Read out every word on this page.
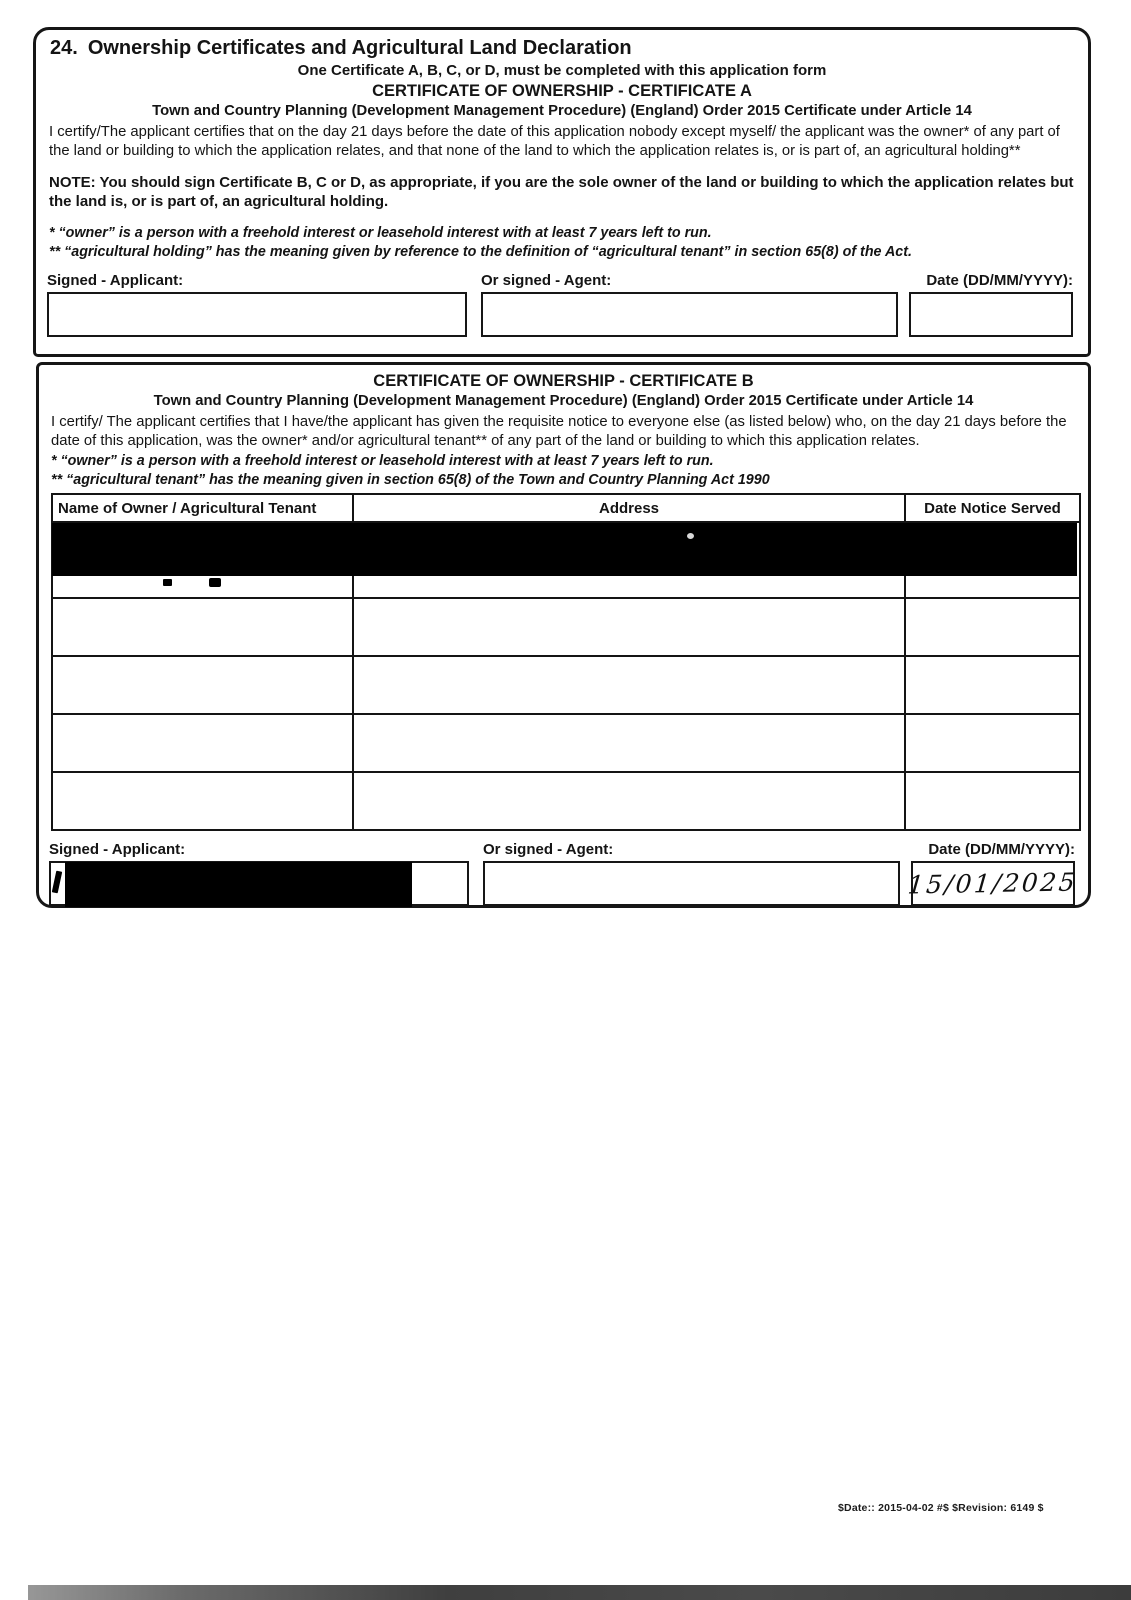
24. Ownership Certificates and Agricultural Land Declaration
One Certificate A, B, C, or D, must be completed with this application form
CERTIFICATE OF OWNERSHIP - CERTIFICATE A
Town and Country Planning (Development Management Procedure) (England) Order 2015 Certificate under Article 14
I certify/The applicant certifies that on the day 21 days before the date of this application nobody except myself/ the applicant was the owner* of any part of the land or building to which the application relates, and that none of the land to which the application relates is, or is part of, an agricultural holding**
NOTE: You should sign Certificate B, C or D, as appropriate, if you are the sole owner of the land or building to which the application relates but the land is, or is part of, an agricultural holding.
* “owner” is a person with a freehold interest or leasehold interest with at least 7 years left to run.
** “agricultural holding” has the meaning given by reference to the definition of “agricultural tenant” in section 65(8) of the Act.
Signed - Applicant:	Or signed - Agent:	Date (DD/MM/YYYY):
CERTIFICATE OF OWNERSHIP - CERTIFICATE B
Town and Country Planning (Development Management Procedure) (England) Order 2015 Certificate under Article 14
I certify/ The applicant certifies that I have/the applicant has given the requisite notice to everyone else (as listed below) who, on the day 21 days before the date of this application, was the owner* and/or agricultural tenant** of any part of the land or building to which this application relates.
* “owner” is a person with a freehold interest or leasehold interest with at least 7 years left to run.
** “agricultural tenant” has the meaning given in section 65(8) of the Town and Country Planning Act 1990
Name of Owner / Agricultural Tenant	Address	Date Notice Served

Signed - Applicant:	Or signed - Agent:	Date (DD/MM/YYYY):
15/01/2025
$Date:: 2015-04-02 #$ $Revision: 6149 $
